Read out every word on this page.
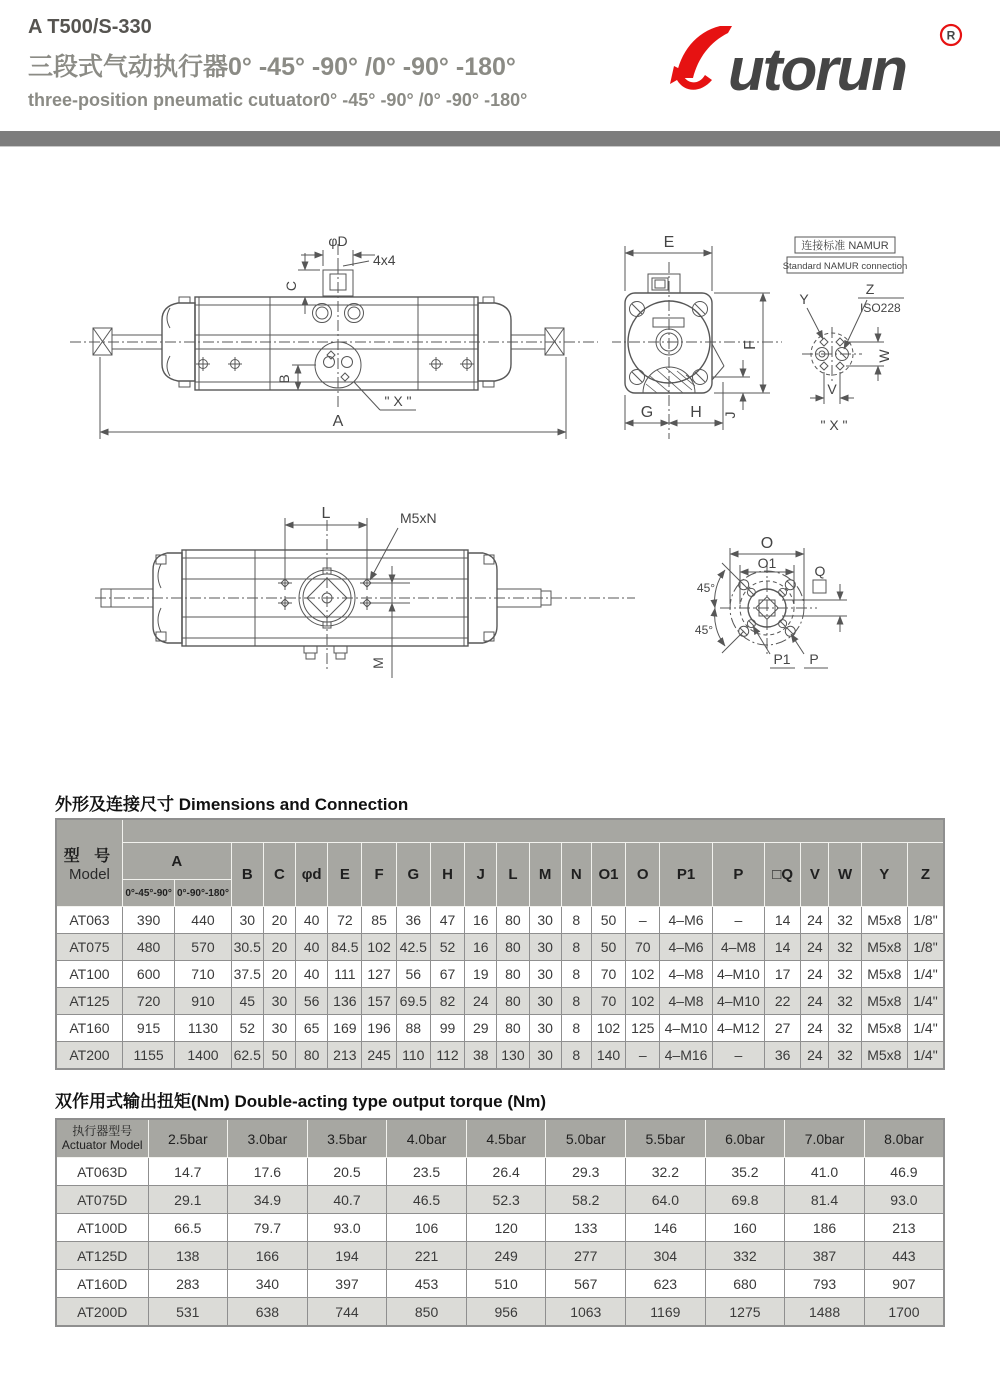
A T500/S-330
三段式气动执行器0° -45° -90° /0° -90° -180°
three-position pneumatic cutuator0° -45° -90° /0° -90° -180°	utorun
R
φD
4x4
C
B
A
" X "
E
F
J
G H
连接标准 NAMUR
Standard NAMUR connection
V
W
Y
Z
ISO228
" X "
L	M5xN
M
O
O1	Q
45°
45°
P1 P
外形及连接尺寸 Dimensions and Connection
型 号
Model																						

	A		B	C	φd	E	F	G	H	J	L	M	N	O1	O	P1	P	□Q	V	W	Y	Z
	0°-45°-90°	0°-90°-180°																				
AT063	390	440	30	20	40	72	85	36	47	16	80	30	8	50	–	4–M6	–	14	24	32	M5x8	1/8"
AT075	480	570	30.5	20	40	84.5	102	42.5	52	16	80	30	8	50	70	4–M6	4–M8	14	24	32	M5x8	1/8"
AT100	600	710	37.5	20	40	111	127	56	67	19	80	30	8	70	102	4–M8	4–M10	17	24	32	M5x8	1/4"
AT125	720	910	45	30	56	136	157	69.5	82	24	80	30	8	70	102	4–M8	4–M10	22	24	32	M5x8	1/4"
AT160	915	1130	52	30	65	169	196	88	99	29	80	30	8	102	125	4–M10	4–M12	27	24	32	M5x8	1/4"
AT200	1155	1400	62.5	50	80	213	245	110	112	38	130	30	8	140	–	4–M16	–	36	24	32	M5x8	1/4"
双作用式输出扭矩(Nm) Double-acting type output torque (Nm)
执行器型号
Actuator Model	2.5bar	3.0bar	3.5bar	4.0bar	4.5bar	5.0bar	5.5bar	6.0bar	7.0bar	8.0bar
AT063D	14.7	17.6	20.5	23.5	26.4	29.3	32.2	35.2	41.0	46.9
AT075D	29.1	34.9	40.7	46.5	52.3	58.2	64.0	69.8	81.4	93.0
AT100D	66.5	79.7	93.0	106	120	133	146	160	186	213
AT125D	138	166	194	221	249	277	304	332	387	443
AT160D	283	340	397	453	510	567	623	680	793	907
AT200D	531	638	744	850	956	1063	1169	1275	1488	1700
